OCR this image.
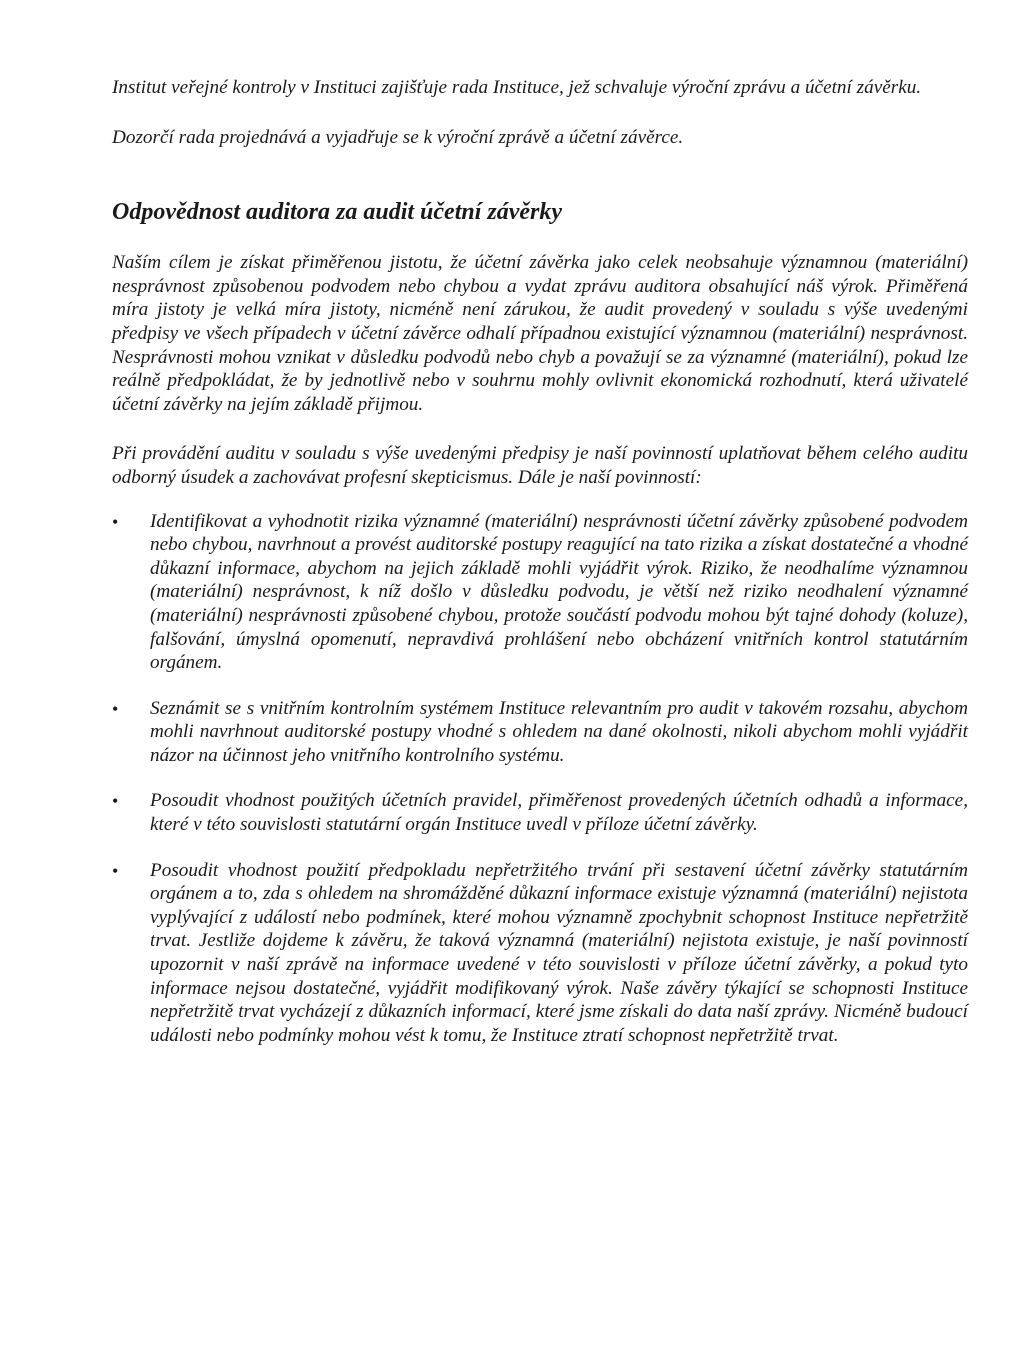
Institut veřejné kontroly v Instituci zajišťuje rada Instituce, jež schvaluje výroční zprávu a účetní závěrku.

Dozorčí rada projednává a vyjadřuje se k výroční zprávě a účetní závěrce.

Odpovědnost auditora za audit účetní závěrky

Naším cílem je získat přiměřenou jistotu, že účetní závěrka jako celek neobsahuje významnou (materiální) nesprávnost způsobenou podvodem nebo chybou a vydat zprávu auditora obsahující náš výrok. Přiměřená míra jistoty je velká míra jistoty, nicméně není zárukou, že audit provedený v souladu s výše uvedenými předpisy ve všech případech v účetní závěrce odhalí případnou existující významnou (materiální) nesprávnost. Nesprávnosti mohou vznikat v důsledku podvodů nebo chyb a považují se za významné (materiální), pokud lze reálně předpokládat, že by jednotlivě nebo v souhrnu mohly ovlivnit ekonomická rozhodnutí, která uživatelé účetní závěrky na jejím základě přijmou.

Při provádění auditu v souladu s výše uvedenými předpisy je naší povinností uplatňovat během celého auditu odborný úsudek a zachovávat profesní skepticismus. Dále je naší povinností:

• Identifikovat a vyhodnotit rizika významné (materiální) nesprávnosti účetní závěrky způsobené podvodem nebo chybou, navrhnout a provést auditorské postupy reagující na tato rizika a získat dostatečné a vhodné důkazní informace, abychom na jejich základě mohli vyjádřit výrok. Riziko, že neodhalíme významnou (materiální) nesprávnost, k níž došlo v důsledku podvodu, je větší než riziko neodhalení významné (materiální) nesprávnosti způsobené chybou, protože součástí podvodu mohou být tajné dohody (koluze), falšování, úmyslná opomenutí, nepravdivá prohlášení nebo obcházení vnitřních kontrol statutárním orgánem.

• Seznámit se s vnitřním kontrolním systémem Instituce relevantním pro audit v takovém rozsahu, abychom mohli navrhnout auditorské postupy vhodné s ohledem na dané okolnosti, nikoli abychom mohli vyjádřit názor na účinnost jeho vnitřního kontrolního systému.

• Posoudit vhodnost použitých účetních pravidel, přiměřenost provedených účetních odhadů a informace, které v této souvislosti statutární orgán Instituce uvedl v příloze účetní závěrky.

• Posoudit vhodnost použití předpokladu nepřetržitého trvání při sestavení účetní závěrky statutárním orgánem a to, zda s ohledem na shromážděné důkazní informace existuje významná (materiální) nejistota vyplývající z událostí nebo podmínek, které mohou významně zpochybnit schopnost Instituce nepřetržitě trvat. Jestliže dojdeme k závěru, že taková významná (materiální) nejistota existuje, je naší povinností upozornit v naší zprávě na informace uvedené v této souvislosti v příloze účetní závěrky, a pokud tyto informace nejsou dostatečné, vyjádřit modifikovaný výrok. Naše závěry týkající se schopnosti Instituce nepřetržitě trvat vycházejí z důkazních informací, které jsme získali do data naší zprávy. Nicméně budoucí události nebo podmínky mohou vést k tomu, že Instituce ztratí schopnost nepřetržitě trvat.
